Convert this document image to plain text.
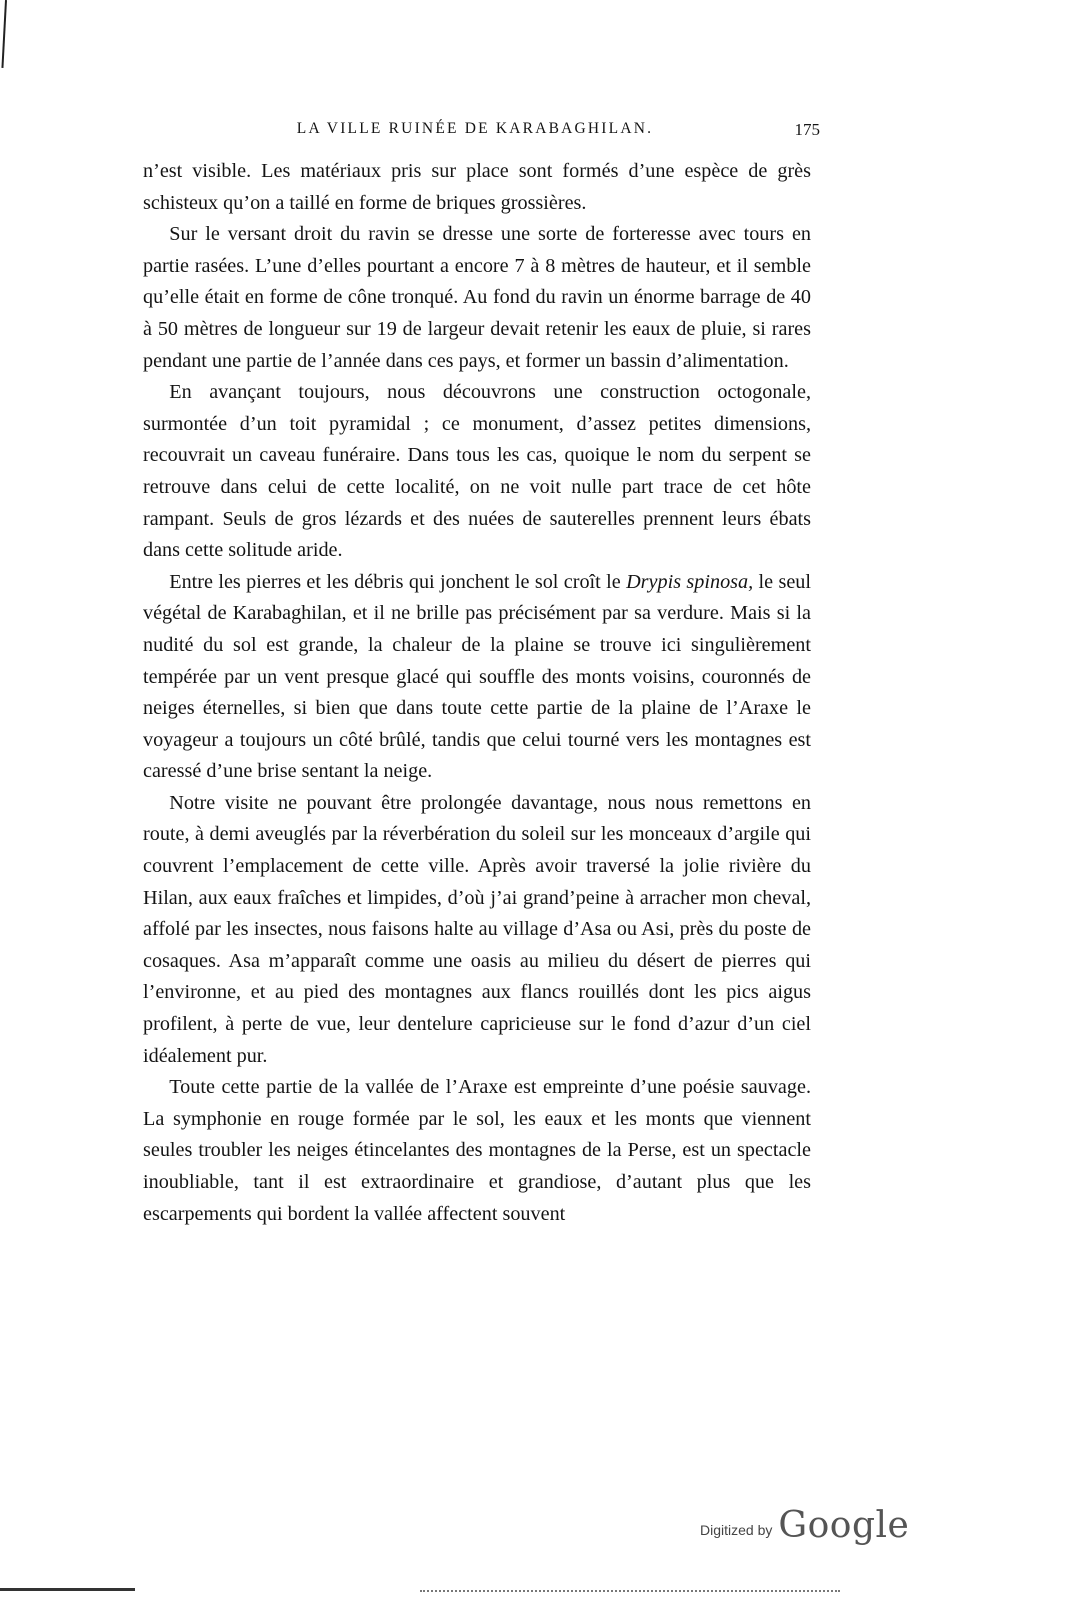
LA VILLE RUINÉE DE KARABAGHILAN.	175

n’est visible. Les matériaux pris sur place sont formés d’une espèce de grès schisteux qu’on a taillé en forme de briques grossières.

Sur le versant droit du ravin se dresse une sorte de forteresse avec tours en partie rasées. L’une d’elles pourtant a encore 7 à 8 mètres de hauteur, et il semble qu’elle était en forme de cône tronqué. Au fond du ravin un énorme barrage de 40 à 50 mètres de longueur sur 19 de largeur devait retenir les eaux de pluie, si rares pendant une partie de l’année dans ces pays, et former un bassin d’alimentation.

En avançant toujours, nous découvrons une construction octogonale, surmontée d’un toit pyramidal ; ce monument, d’assez petites dimensions, recouvrait un caveau funéraire. Dans tous les cas, quoique le nom du serpent se retrouve dans celui de cette localité, on ne voit nulle part trace de cet hôte rampant. Seuls de gros lézards et des nuées de sauterelles prennent leurs ébats dans cette solitude aride.

Entre les pierres et les débris qui jonchent le sol croît le Drypis spinosa, le seul végétal de Karabaghilan, et il ne brille pas précisément par sa verdure. Mais si la nudité du sol est grande, la chaleur de la plaine se trouve ici singulièrement tempérée par un vent presque glacé qui souffle des monts voisins, couronnés de neiges éternelles, si bien que dans toute cette partie de la plaine de l’Araxe le voyageur a toujours un côté brûlé, tandis que celui tourné vers les montagnes est caressé d’une brise sentant la neige.

Notre visite ne pouvant être prolongée davantage, nous nous remettons en route, à demi aveuglés par la réverbération du soleil sur les monceaux d’argile qui couvrent l’emplacement de cette ville. Après avoir traversé la jolie rivière du Hilan, aux eaux fraîches et limpides, d’où j’ai grand’peine à arracher mon cheval, affolé par les insectes, nous faisons halte au village d’Asa ou Asi, près du poste de cosaques. Asa m’apparaît comme une oasis au milieu du désert de pierres qui l’environne, et au pied des montagnes aux flancs rouillés dont les pics aigus profilent, à perte de vue, leur dentelure capricieuse sur le fond d’azur d’un ciel idéalement pur.

Toute cette partie de la vallée de l’Araxe est empreinte d’une poésie sauvage. La symphonie en rouge formée par le sol, les eaux et les monts que viennent seules troubler les neiges étincelantes des montagnes de la Perse, est un spectacle inoubliable, tant il est extraordinaire et grandiose, d’autant plus que les escarpements qui bordent la vallée affectent souvent

Digitized by Google
